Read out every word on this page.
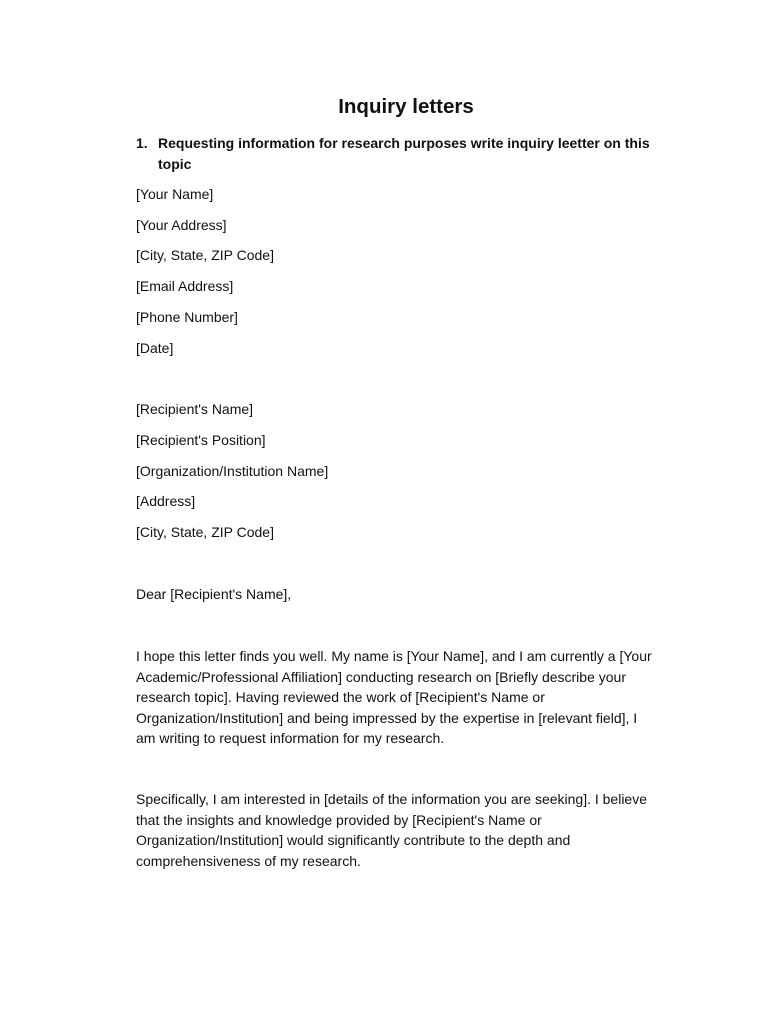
Inquiry letters
1. Requesting information for research purposes write inquiry leetter on this topic

[Your Name]

[Your Address]

[City, State, ZIP Code]

[Email Address]

[Phone Number]

[Date]

[Recipient's Name]

[Recipient's Position]

[Organization/Institution Name]

[Address]

[City, State, ZIP Code]

Dear [Recipient's Name],

I hope this letter finds you well. My name is [Your Name], and I am currently a [Your
Academic/Professional Affiliation] conducting research on [Briefly describe your
research topic]. Having reviewed the work of [Recipient's Name or
Organization/Institution] and being impressed by the expertise in [relevant field], I
am writing to request information for my research.
Specifically, I am interested in [details of the information you are seeking]. I believe
that the insights and knowledge provided by [Recipient's Name or
Organization/Institution] would significantly contribute to the depth and
comprehensiveness of my research.
